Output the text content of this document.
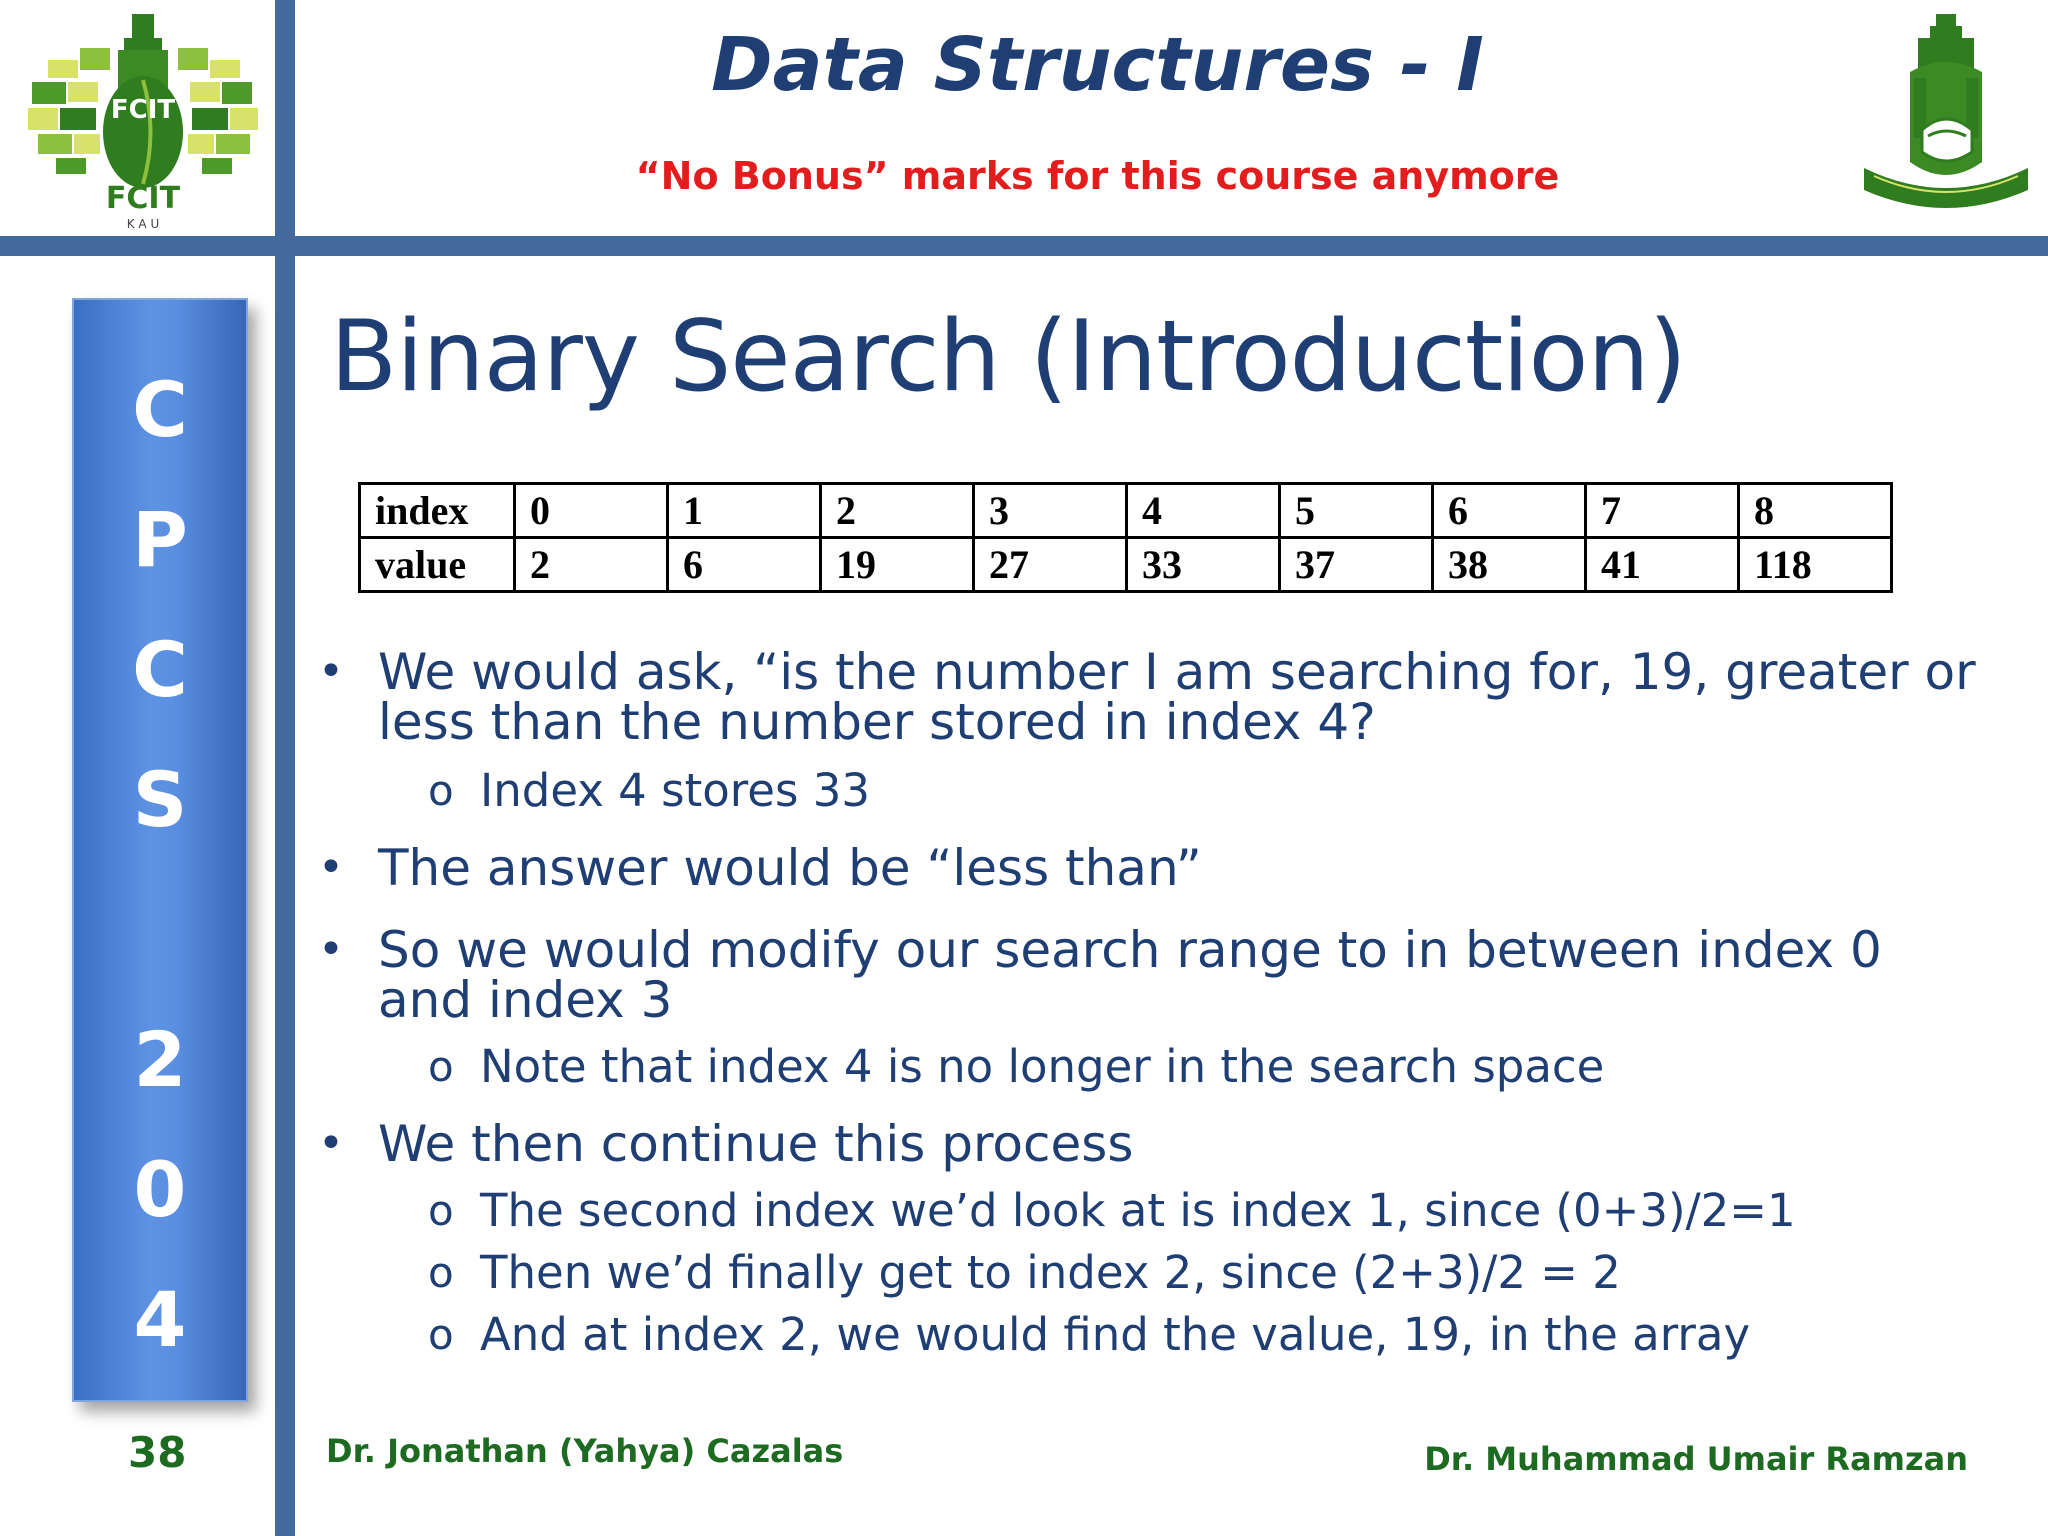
FCIT
FCIT
K A U
Data Structures - I
“No Bonus” marks for this course anymore
C
P
C
S
2
0
4
Binary Search (Introduction)
index	0	1	2	3	4	5	6	7	8
value	2	6	19	27	33	37	38	41	118
• We would ask, “is the number I am searching for, 19, greater or
less than the number stored in index 4?
o Index 4 stores 33
• The answer would be “less than”
• So we would modify our search range to in between index 0
and index 3
o Note that index 4 is no longer in the search space
• We then continue this process
o The second index we’d look at is index 1, since (0+3)/2=1
o Then we’d finally get to index 2, since (2+3)/2 = 2
o And at index 2, we would find the value, 19, in the array
38	Dr. Jonathan (Yahya) Cazalas	Dr. Muhammad Umair Ramzan
